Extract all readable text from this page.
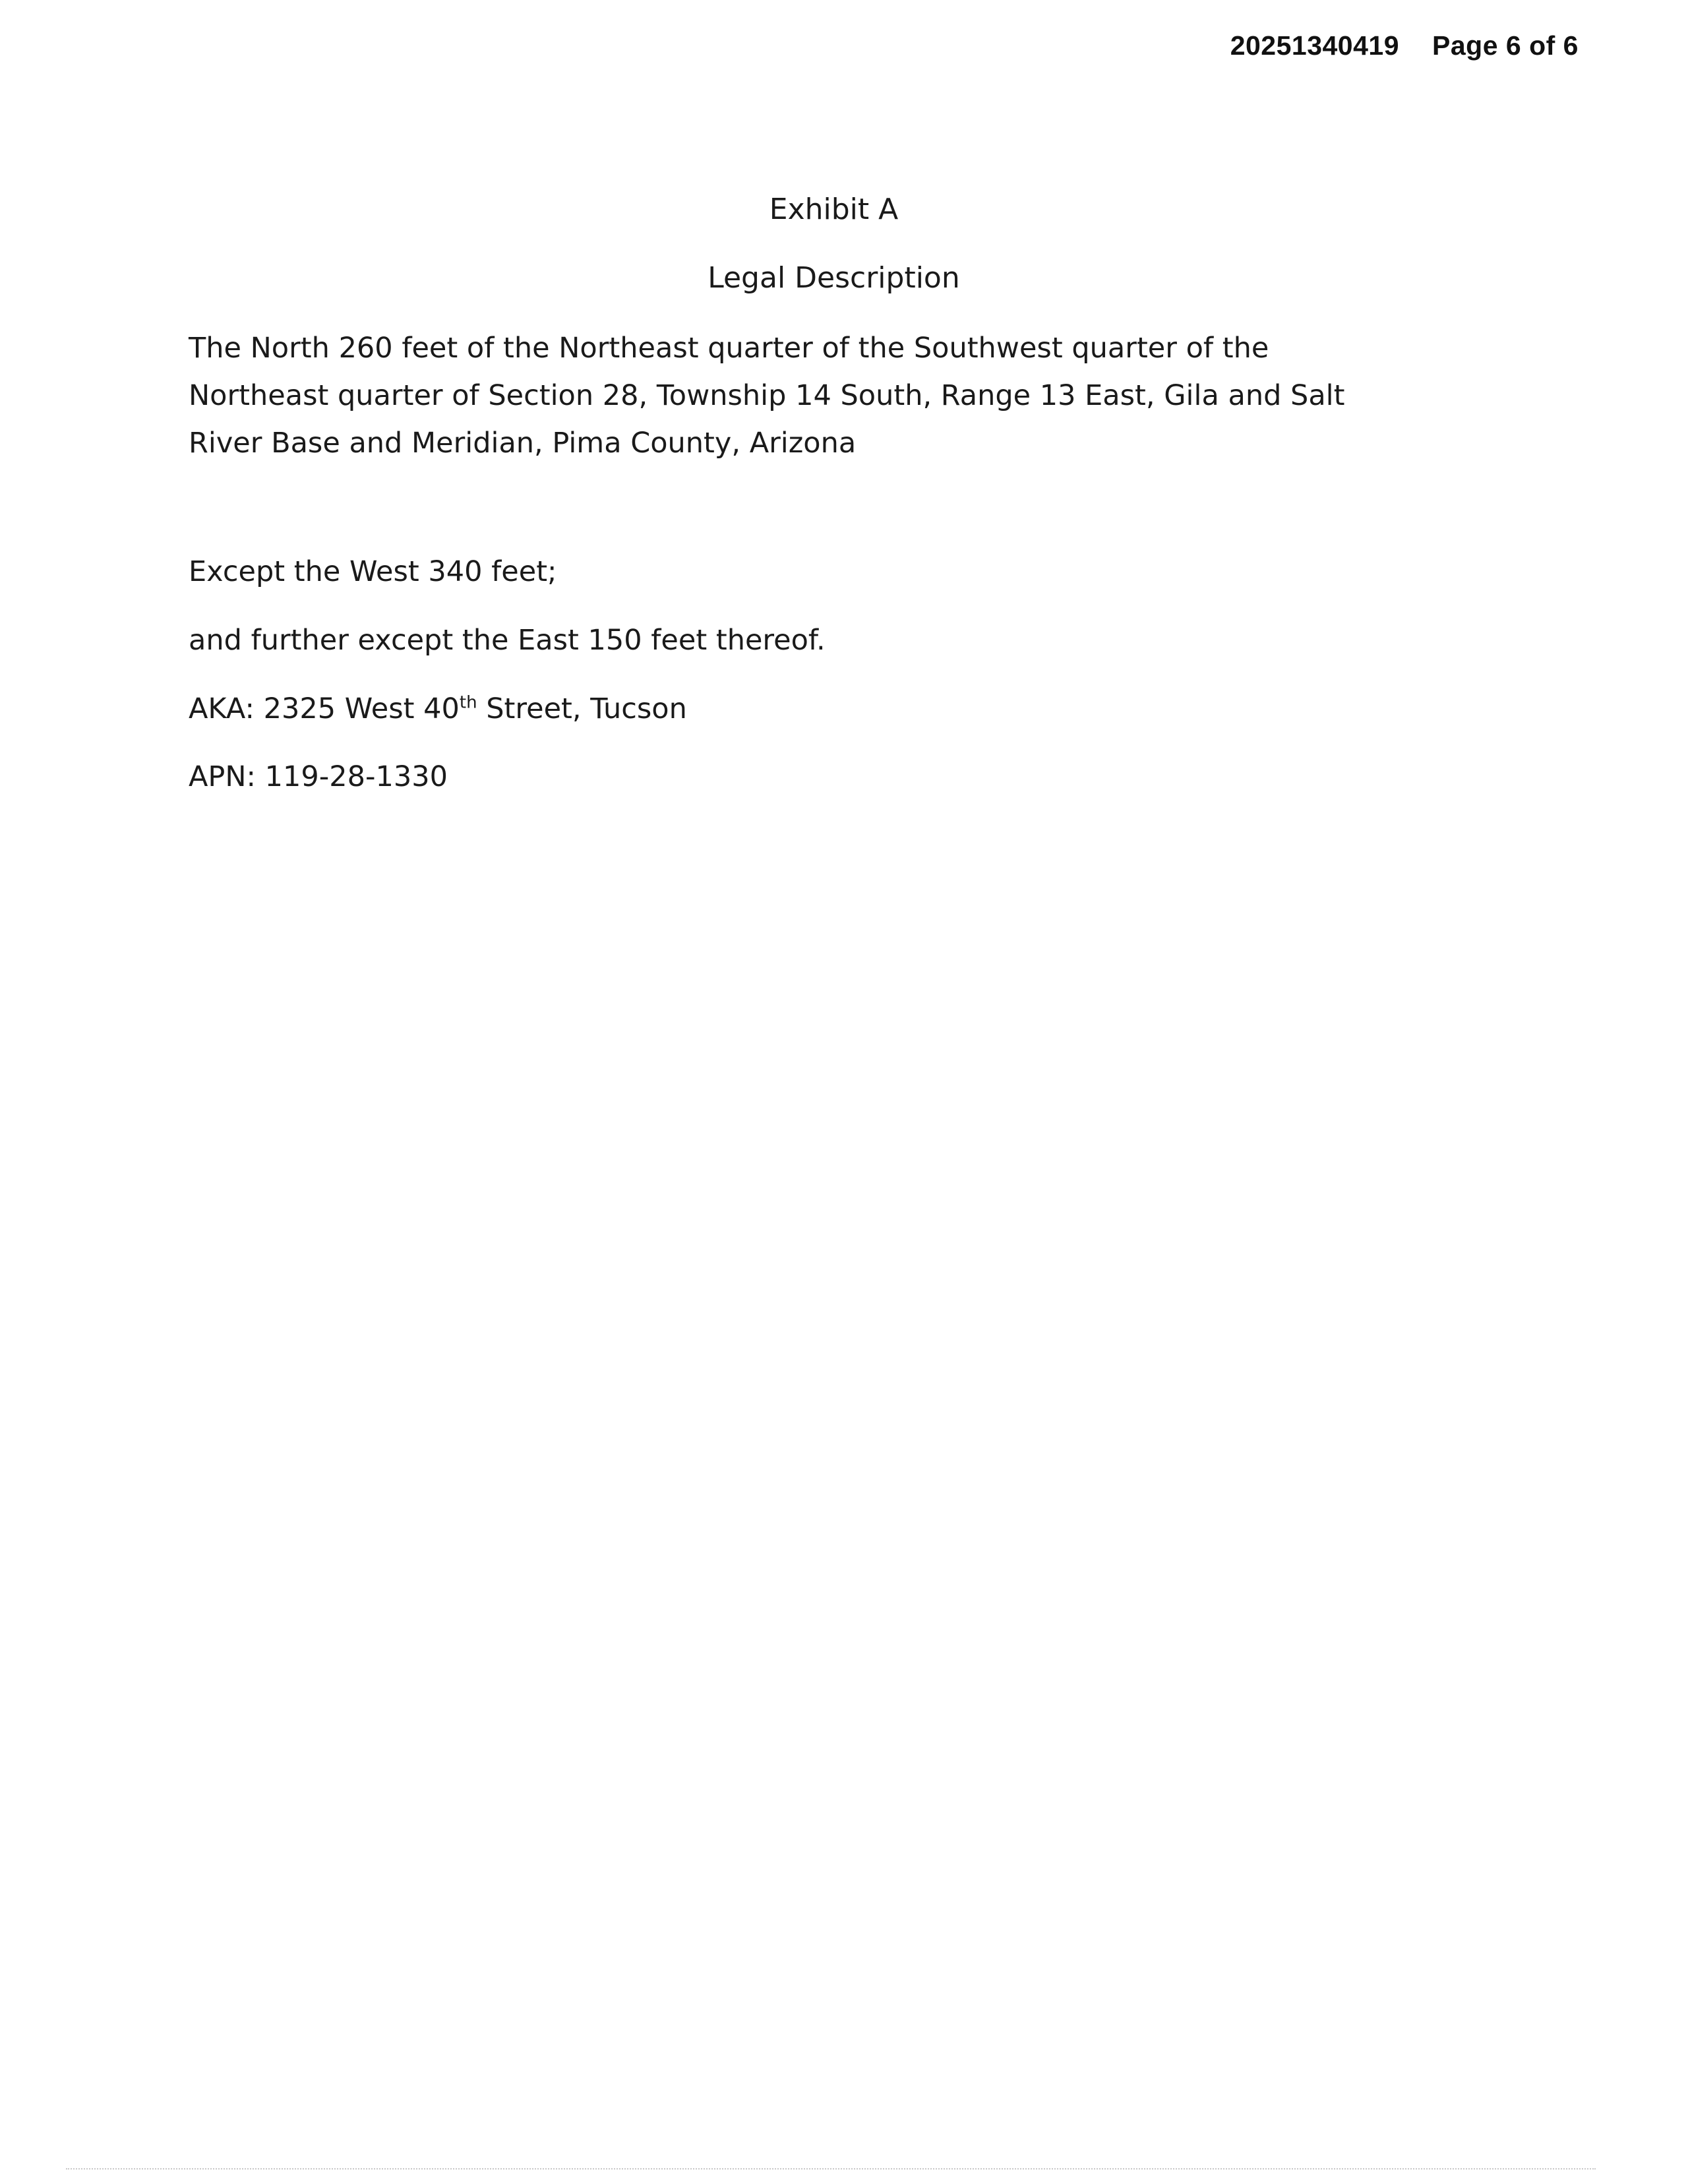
20251340419 Page 6 of 6
Exhibit A
Legal Description
The North 260 feet of the Northeast quarter of the Southwest quarter of the Northeast quarter of Section 28, Township 14 South, Range 13 East, Gila and Salt River Base and Meridian, Pima County, Arizona
Except the West 340 feet;
and further except the East 150 feet thereof.
AKA: 2325 West 40th Street, Tucson
APN: 119-28-1330
